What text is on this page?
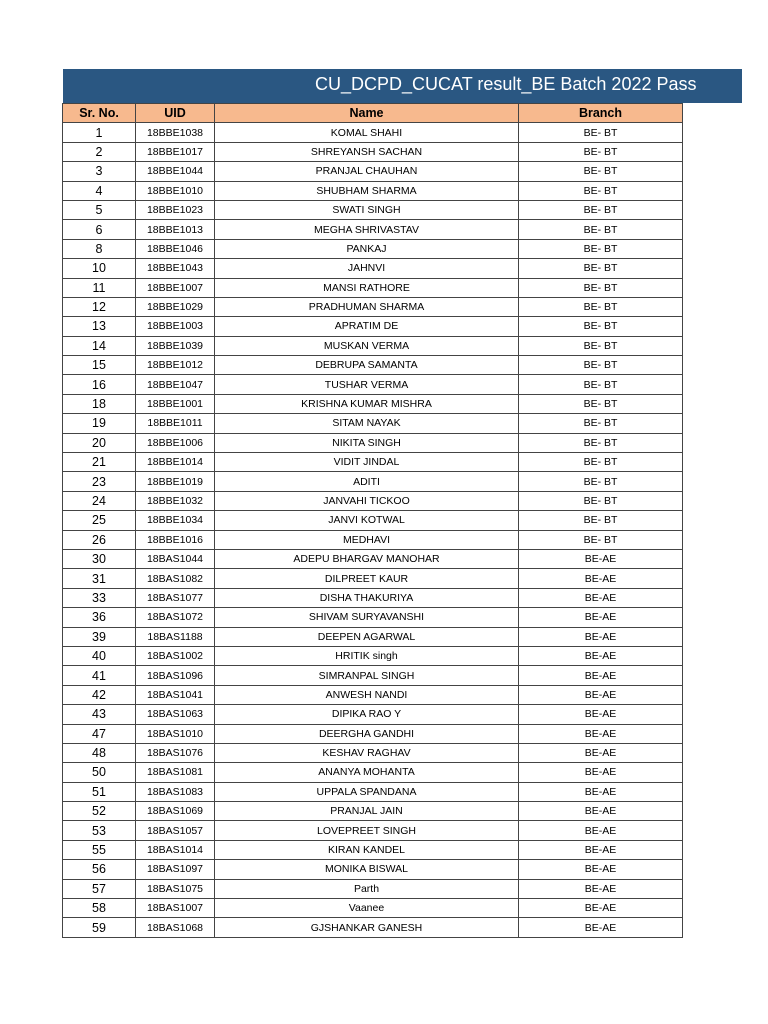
CU_DCPD_CUCAT result_BE Batch 2022 Pass
Sr. No.	UID	Name	Branch
1	18BBE1038	KOMAL SHAHI	BE- BT
2	18BBE1017	SHREYANSH SACHAN	BE- BT
3	18BBE1044	PRANJAL CHAUHAN	BE- BT
4	18BBE1010	SHUBHAM SHARMA	BE- BT
5	18BBE1023	SWATI SINGH	BE- BT
6	18BBE1013	MEGHA SHRIVASTAV	BE- BT
8	18BBE1046	PANKAJ	BE- BT
10	18BBE1043	JAHNVI	BE- BT
11	18BBE1007	MANSI RATHORE	BE- BT
12	18BBE1029	PRADHUMAN SHARMA	BE- BT
13	18BBE1003	APRATIM DE	BE- BT
14	18BBE1039	MUSKAN VERMA	BE- BT
15	18BBE1012	DEBRUPA SAMANTA	BE- BT
16	18BBE1047	TUSHAR VERMA	BE- BT
18	18BBE1001	KRISHNA KUMAR MISHRA	BE- BT
19	18BBE1011	SITAM NAYAK	BE- BT
20	18BBE1006	NIKITA SINGH	BE- BT
21	18BBE1014	VIDIT JINDAL	BE- BT
23	18BBE1019	ADITI	BE- BT
24	18BBE1032	JANVAHI TICKOO	BE- BT
25	18BBE1034	JANVI KOTWAL	BE- BT
26	18BBE1016	MEDHAVI	BE- BT
30	18BAS1044	ADEPU BHARGAV MANOHAR	BE-AE
31	18BAS1082	DILPREET KAUR	BE-AE
33	18BAS1077	DISHA THAKURIYA	BE-AE
36	18BAS1072	SHIVAM SURYAVANSHI	BE-AE
39	18BAS1188	DEEPEN AGARWAL	BE-AE
40	18BAS1002	HRITIK singh	BE-AE
41	18BAS1096	SIMRANPAL SINGH	BE-AE
42	18BAS1041	ANWESH NANDI	BE-AE
43	18BAS1063	DIPIKA RAO Y	BE-AE
47	18BAS1010	DEERGHA GANDHI	BE-AE
48	18BAS1076	KESHAV RAGHAV	BE-AE
50	18BAS1081	ANANYA MOHANTA	BE-AE
51	18BAS1083	UPPALA SPANDANA	BE-AE
52	18BAS1069	PRANJAL JAIN	BE-AE
53	18BAS1057	LOVEPREET SINGH	BE-AE
55	18BAS1014	KIRAN KANDEL	BE-AE
56	18BAS1097	MONIKA BISWAL	BE-AE
57	18BAS1075	Parth	BE-AE
58	18BAS1007	Vaanee	BE-AE
59	18BAS1068	GJSHANKAR GANESH	BE-AE
